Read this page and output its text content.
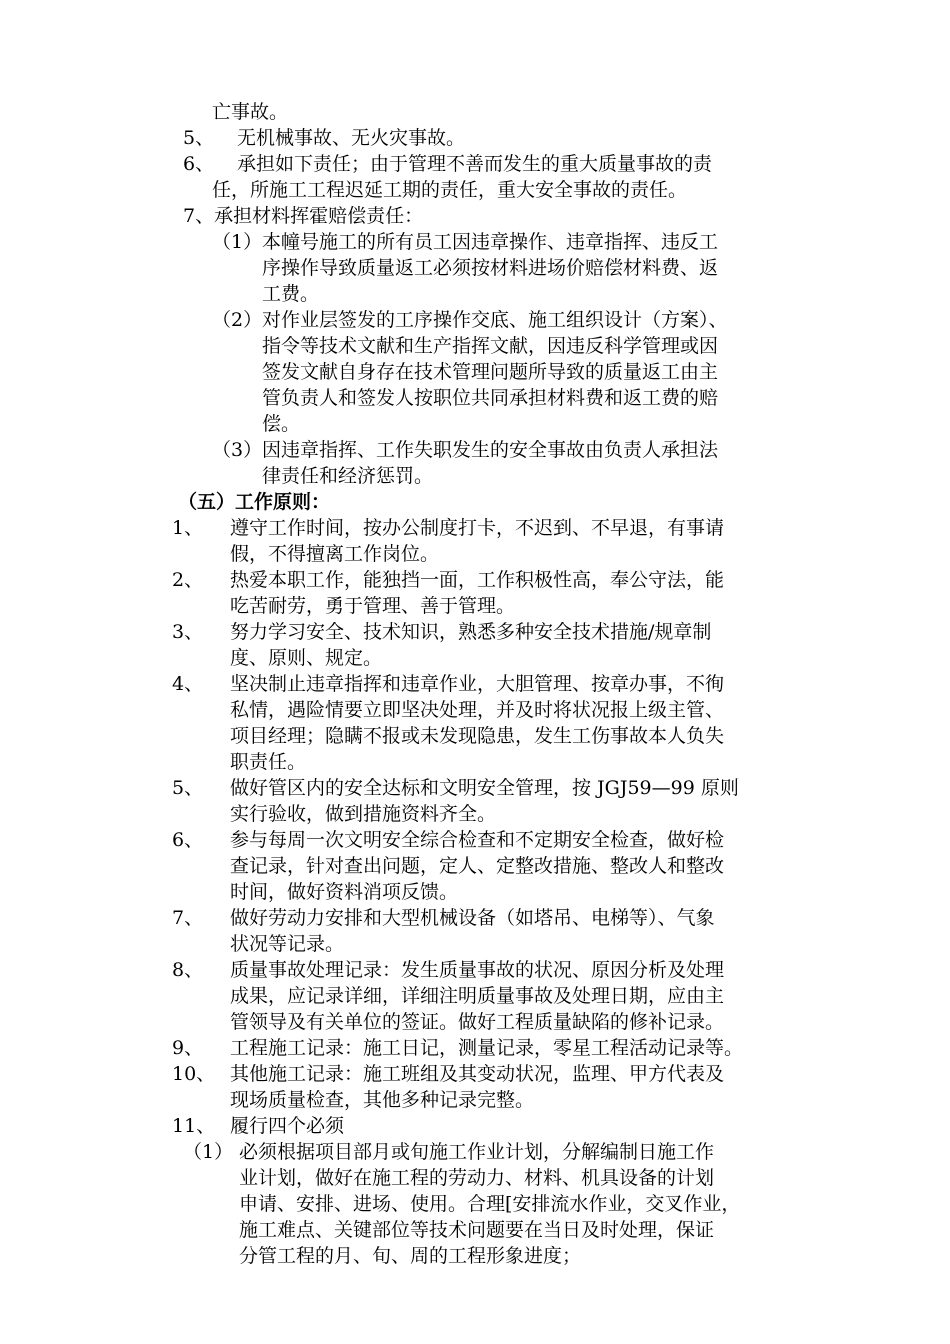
亡事故。
5、 无机械事故、无火灾事故。
6、 承担如下责任；由于管理不善而发生的重大质量事故的责
任，所施工工程迟延工期的责任，重大安全事故的责任。
7、承担材料挥霍赔偿责任：
（1） 本幢号施工的所有员工因违章操作、违章指挥、违反工
序操作导致质量返工必须按材料进场价赔偿材料费、返
工费。
（2） 对作业层签发的工序操作交底、施工组织设计（方案）、
指令等技术文献和生产指挥文献，因违反科学管理或因
签发文献自身存在技术管理问题所导致的质量返工由主
管负责人和签发人按职位共同承担材料费和返工费的赔
偿。
（3） 因违章指挥、工作失职发生的安全事故由负责人承担法
律责任和经济惩罚。
（五）工作原则：
1、 遵守工作时间，按办公制度打卡，不迟到、不早退，有事请
假，不得擅离工作岗位。
2、 热爱本职工作，能独挡一面，工作积极性高，奉公守法，能
吃苦耐劳，勇于管理、善于管理。
3、 努力学习安全、技术知识，熟悉多种安全技术措施/规章制
度、原则、规定。
4、 坚决制止违章指挥和违章作业，大胆管理、按章办事，不徇
私情，遇险情要立即坚决处理，并及时将状况报上级主管、
项目经理；隐瞒不报或未发现隐患，发生工伤事故本人负失
职责任。
5、 做好管区内的安全达标和文明安全管理，按 JGJ59—99 原则
实行验收，做到措施资料齐全。
6、 参与每周一次文明安全综合检查和不定期安全检查，做好检
查记录，针对查出问题，定人、定整改措施、整改人和整改
时间，做好资料消项反馈。
7、 做好劳动力安排和大型机械设备（如塔吊、电梯等）、气象
状况等记录。
8、 质量事故处理记录：发生质量事故的状况、原因分析及处理
成果，应记录详细，详细注明质量事故及处理日期，应由主
管领导及有关单位的签证。做好工程质量缺陷的修补记录。
9、 工程施工记录：施工日记，测量记录，零星工程活动记录等。
10、 其他施工记录：施工班组及其变动状况，监理、甲方代表及
现场质量检查，其他多种记录完整。
11、 履行四个必须
（1） 必须根据项目部月或旬施工作业计划，分解编制日施工作
业计划，做好在施工程的劳动力、材料、机具设备的计划
申请、安排、进场、使用。合理[安排流水作业，交叉作业，
施工难点、关键部位等技术问题要在当日及时处理，保证
分管工程的月、旬、周的工程形象进度；
